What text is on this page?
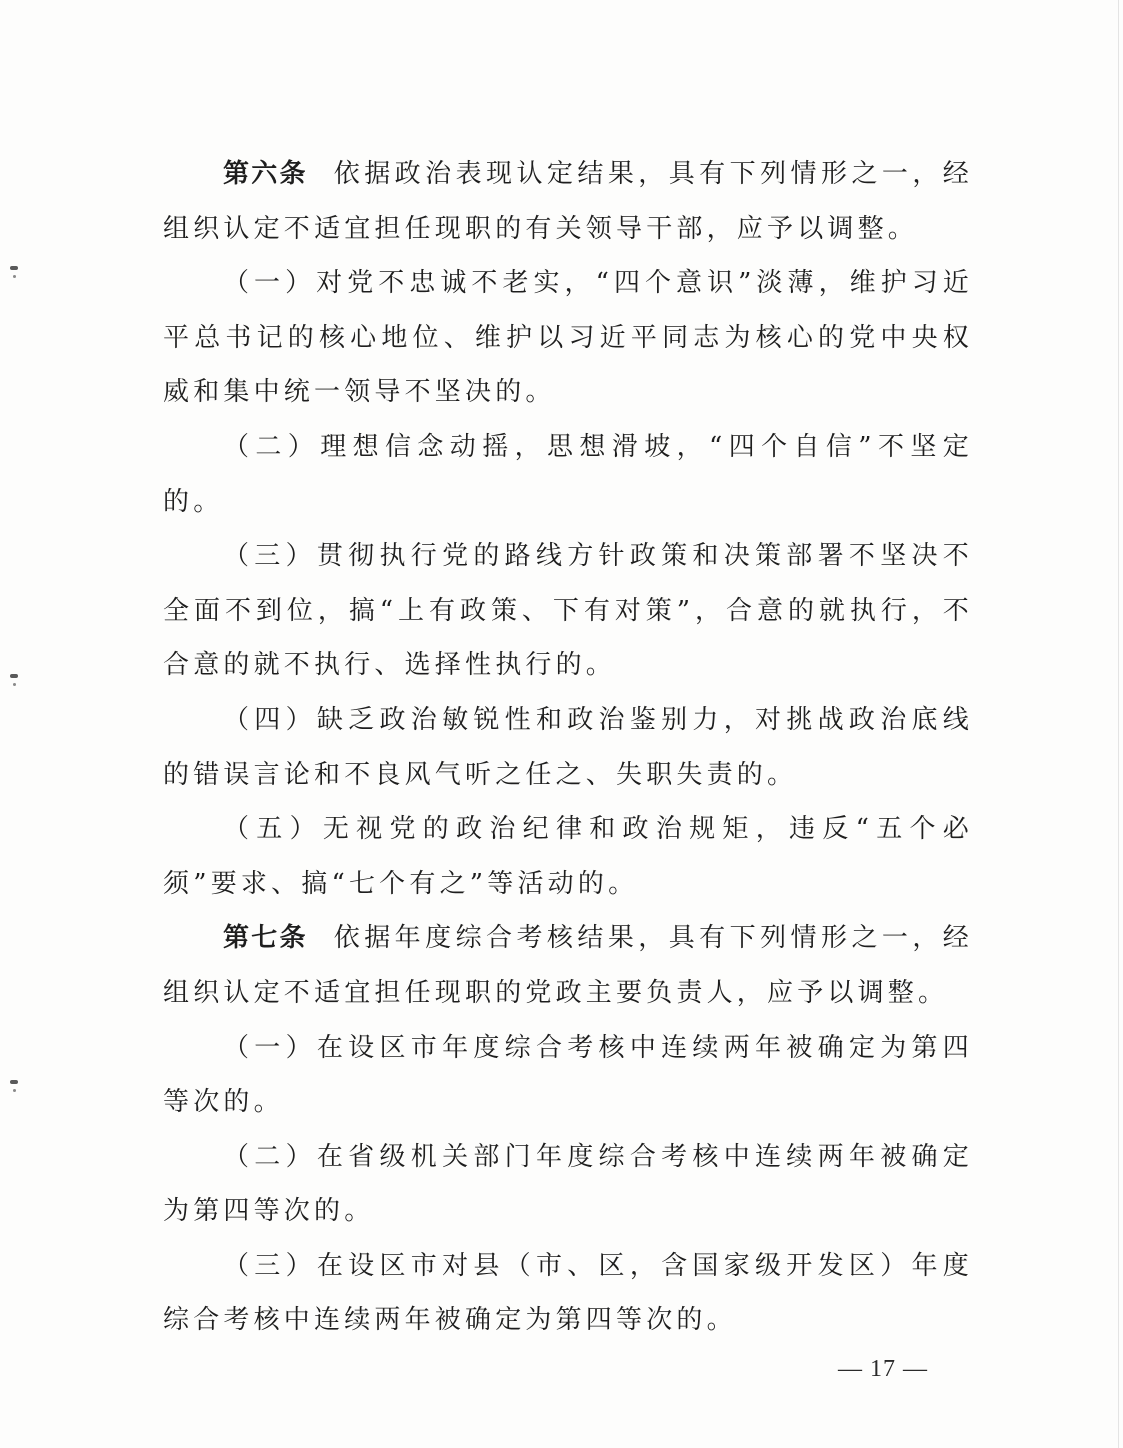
第六条 依据政治表现认定结果，具有下列情形之一，经组织认定不适宜担任现职的有关领导干部，应予以调整。

（一）对党不忠诚不老实，“四个意识”淡薄，维护习近平总书记的核心地位、维护以习近平同志为核心的党中央权威和集中统一领导不坚决的。

（二）理想信念动摇，思想滑坡，“四个自信”不坚定的。

（三）贯彻执行党的路线方针政策和决策部署不坚决不全面不到位，搞“上有政策、下有对策”，合意的就执行，不合意的就不执行、选择性执行的。

（四）缺乏政治敏锐性和政治鉴别力，对挑战政治底线的错误言论和不良风气听之任之、失职失责的。

（五）无视党的政治纪律和政治规矩，违反“五个必须”要求、搞“七个有之”等活动的。

第七条 依据年度综合考核结果，具有下列情形之一，经组织认定不适宜担任现职的党政主要负责人，应予以调整。

（一）在设区市年度综合考核中连续两年被确定为第四等次的。

（二）在省级机关部门年度综合考核中连续两年被确定为第四等次的。

（三）在设区市对县（市、区，含国家级开发区）年度综合考核中连续两年被确定为第四等次的。

— 17 —
